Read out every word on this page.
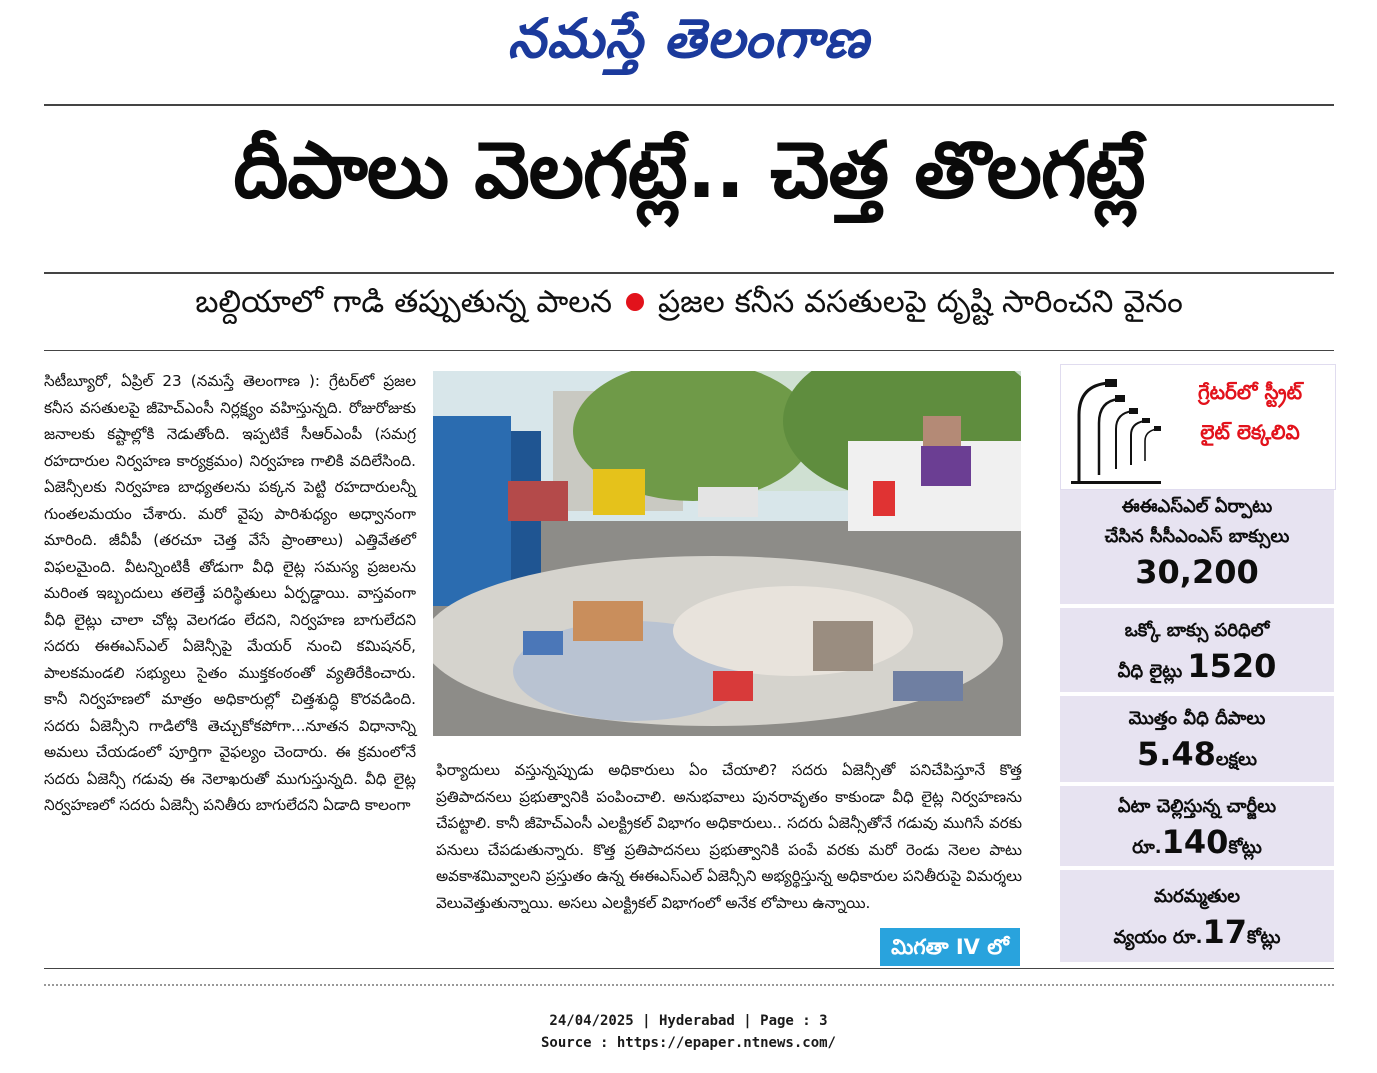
నమస్తే తెలంగాణ
దీపాలు వెలగట్లే.. చెత్త తొలగట్లే
బల్దియాలో గాడి తప్పుతున్న పాలన ప్రజల కనీస వసతులపై దృష్టి సారించని వైనం
సిటీబ్యూరో, ఏప్రిల్ 23 (నమస్తే తెలంగాణ ): గ్రేటర్‌లో ప్రజల కనీస వసతులపై జీహెచ్‌ఎంసీ నిర్లక్ష్యం వహిస్తున్నది. రోజురోజుకు జనాలకు కష్టాల్లోకి నెడుతోంది. ఇప్పటికే సీఆర్‌ఎంపీ (సమగ్ర రహదారుల నిర్వహణ కార్యక్రమం) నిర్వహణ గాలికి వదిలేసింది. ఏజెన్సీలకు నిర్వహణ బాధ్యతలను పక్కన పెట్టి రహదారులన్నీ గుంతలమయం చేశారు. మరో వైపు పారిశుధ్యం అధ్వానంగా మారింది. జీవీపీ (తరచూ చెత్త వేసే ప్రాంతాలు) ఎత్తివేతలో విఫలమైంది. వీటన్నింటికీ తోడుగా వీధి లైట్ల సమస్య ప్రజలను మరింత ఇబ్బందులు తలెత్తే పరిస్థితులు ఏర్పడ్డాయి. వాస్తవంగా వీధి లైట్లు చాలా చోట్ల వెలగడం లేదని, నిర్వహణ బాగులేదని సదరు ఈఈఎస్‌ఎల్ ఏజెన్సీపై మేయర్ నుంచి కమిషనర్, పాలకమండలి సభ్యులు సైతం ముక్తకంఠంతో వ్యతిరేకించారు. కానీ నిర్వహణలో మాత్రం అధికారుల్లో చిత్తశుద్ధి కొరవడింది. సదరు ఏజెన్సీని గాడిలోకి తెచ్చుకోకపోగా...నూతన విధానాన్ని అమలు చేయడంలో పూర్తిగా వైఫల్యం చెందారు. ఈ క్రమంలోనే సదరు ఏజెన్సీ గడువు ఈ నెలాఖరుతో ముగుస్తున్నది. వీధి లైట్ల నిర్వహణలో సదరు ఏజెన్సీ పనితీరు బాగులేదని ఏడాది కాలంగా
ఫిర్యాదులు వస్తున్నప్పుడు అధికారులు ఏం చేయాలి? సదరు ఏజెన్సీతో పనిచేపిస్తూనే కొత్త ప్రతిపాదనలు ప్రభుత్వానికి పంపించాలి. అనుభవాలు పునరావృతం కాకుండా వీధి లైట్ల నిర్వహణను చేపట్టాలి. కానీ జీహెచ్‌ఎంసీ ఎలక్ట్రికల్ విభాగం అధికారులు.. సదరు ఏజెన్సీతోనే గడువు ముగిసే వరకు పనులు చేపడుతున్నారు. కొత్త ప్రతిపాదనలు ప్రభుత్వానికి పంపే వరకు మరో రెండు నెలల పాటు అవకాశమివ్వాలని ప్రస్తుతం ఉన్న ఈఈఎస్‌ఎల్ ఏజెన్సీని అభ్యర్థిస్తున్న అధికారుల పనితీరుపై విమర్శలు వెలువెత్తుతున్నాయి. అసలు ఎలక్ట్రికల్ విభాగంలో అనేక లోపాలు ఉన్నాయి.
మిగతా IV లో
గ్రేటర్‌లో స్ట్రీట్
లైట్ లెక్కలివి
ఈఈఎస్‌ఎల్ ఏర్పాటు
చేసిన సీసీఎంఎస్ బాక్సులు
30,200
ఒక్కో బాక్సు పరిధిలో
వీధి లైట్లు 1520
మొత్తం వీధి దీపాలు
5.48లక్షలు
ఏటా చెల్లిస్తున్న చార్జీలు
రూ.140కోట్లు
మరమ్మతుల
వ్యయం రూ.17కోట్లు
24/04/2025 | Hyderabad | Page : 3
Source : https://epaper.ntnews.com/
